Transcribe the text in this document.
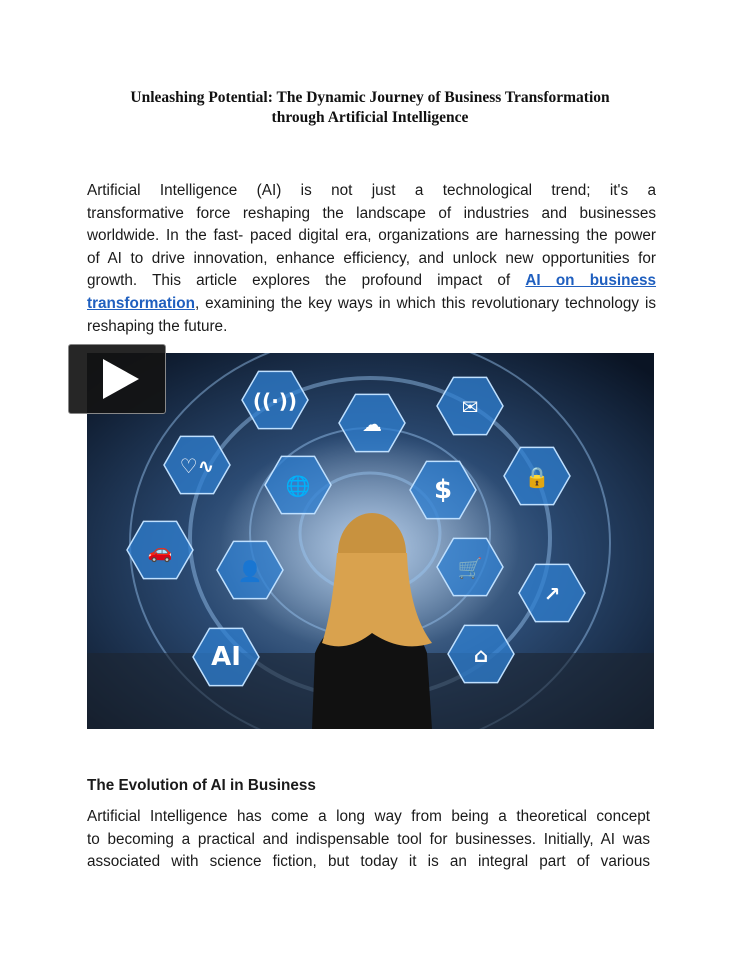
Unleashing Potential: The Dynamic Journey of Business Transformation
through Artificial Intelligence
Artificial Intelligence (AI) is not just a technological trend; it's a
transformative force reshaping the landscape of industries and businesses
worldwide. In the fast- paced digital era, organizations are harnessing the power
of AI to drive innovation, enhance efficiency, and unlock new opportunities for
growth. This article explores the profound impact of AI on business
transformation, examining the key ways in which this revolutionary technology is
reshaping the future.
((·))
☁
✉
♡∿
🌐	$	🔒
🚗
👤	🛒
↗
AI	⌂
The Evolution of AI in Business
Artificial Intelligence has come a long way from being a theoretical concept
to becoming a practical and indispensable tool for businesses. Initially, AI was
associated with science fiction, but today it is an integral part of various
